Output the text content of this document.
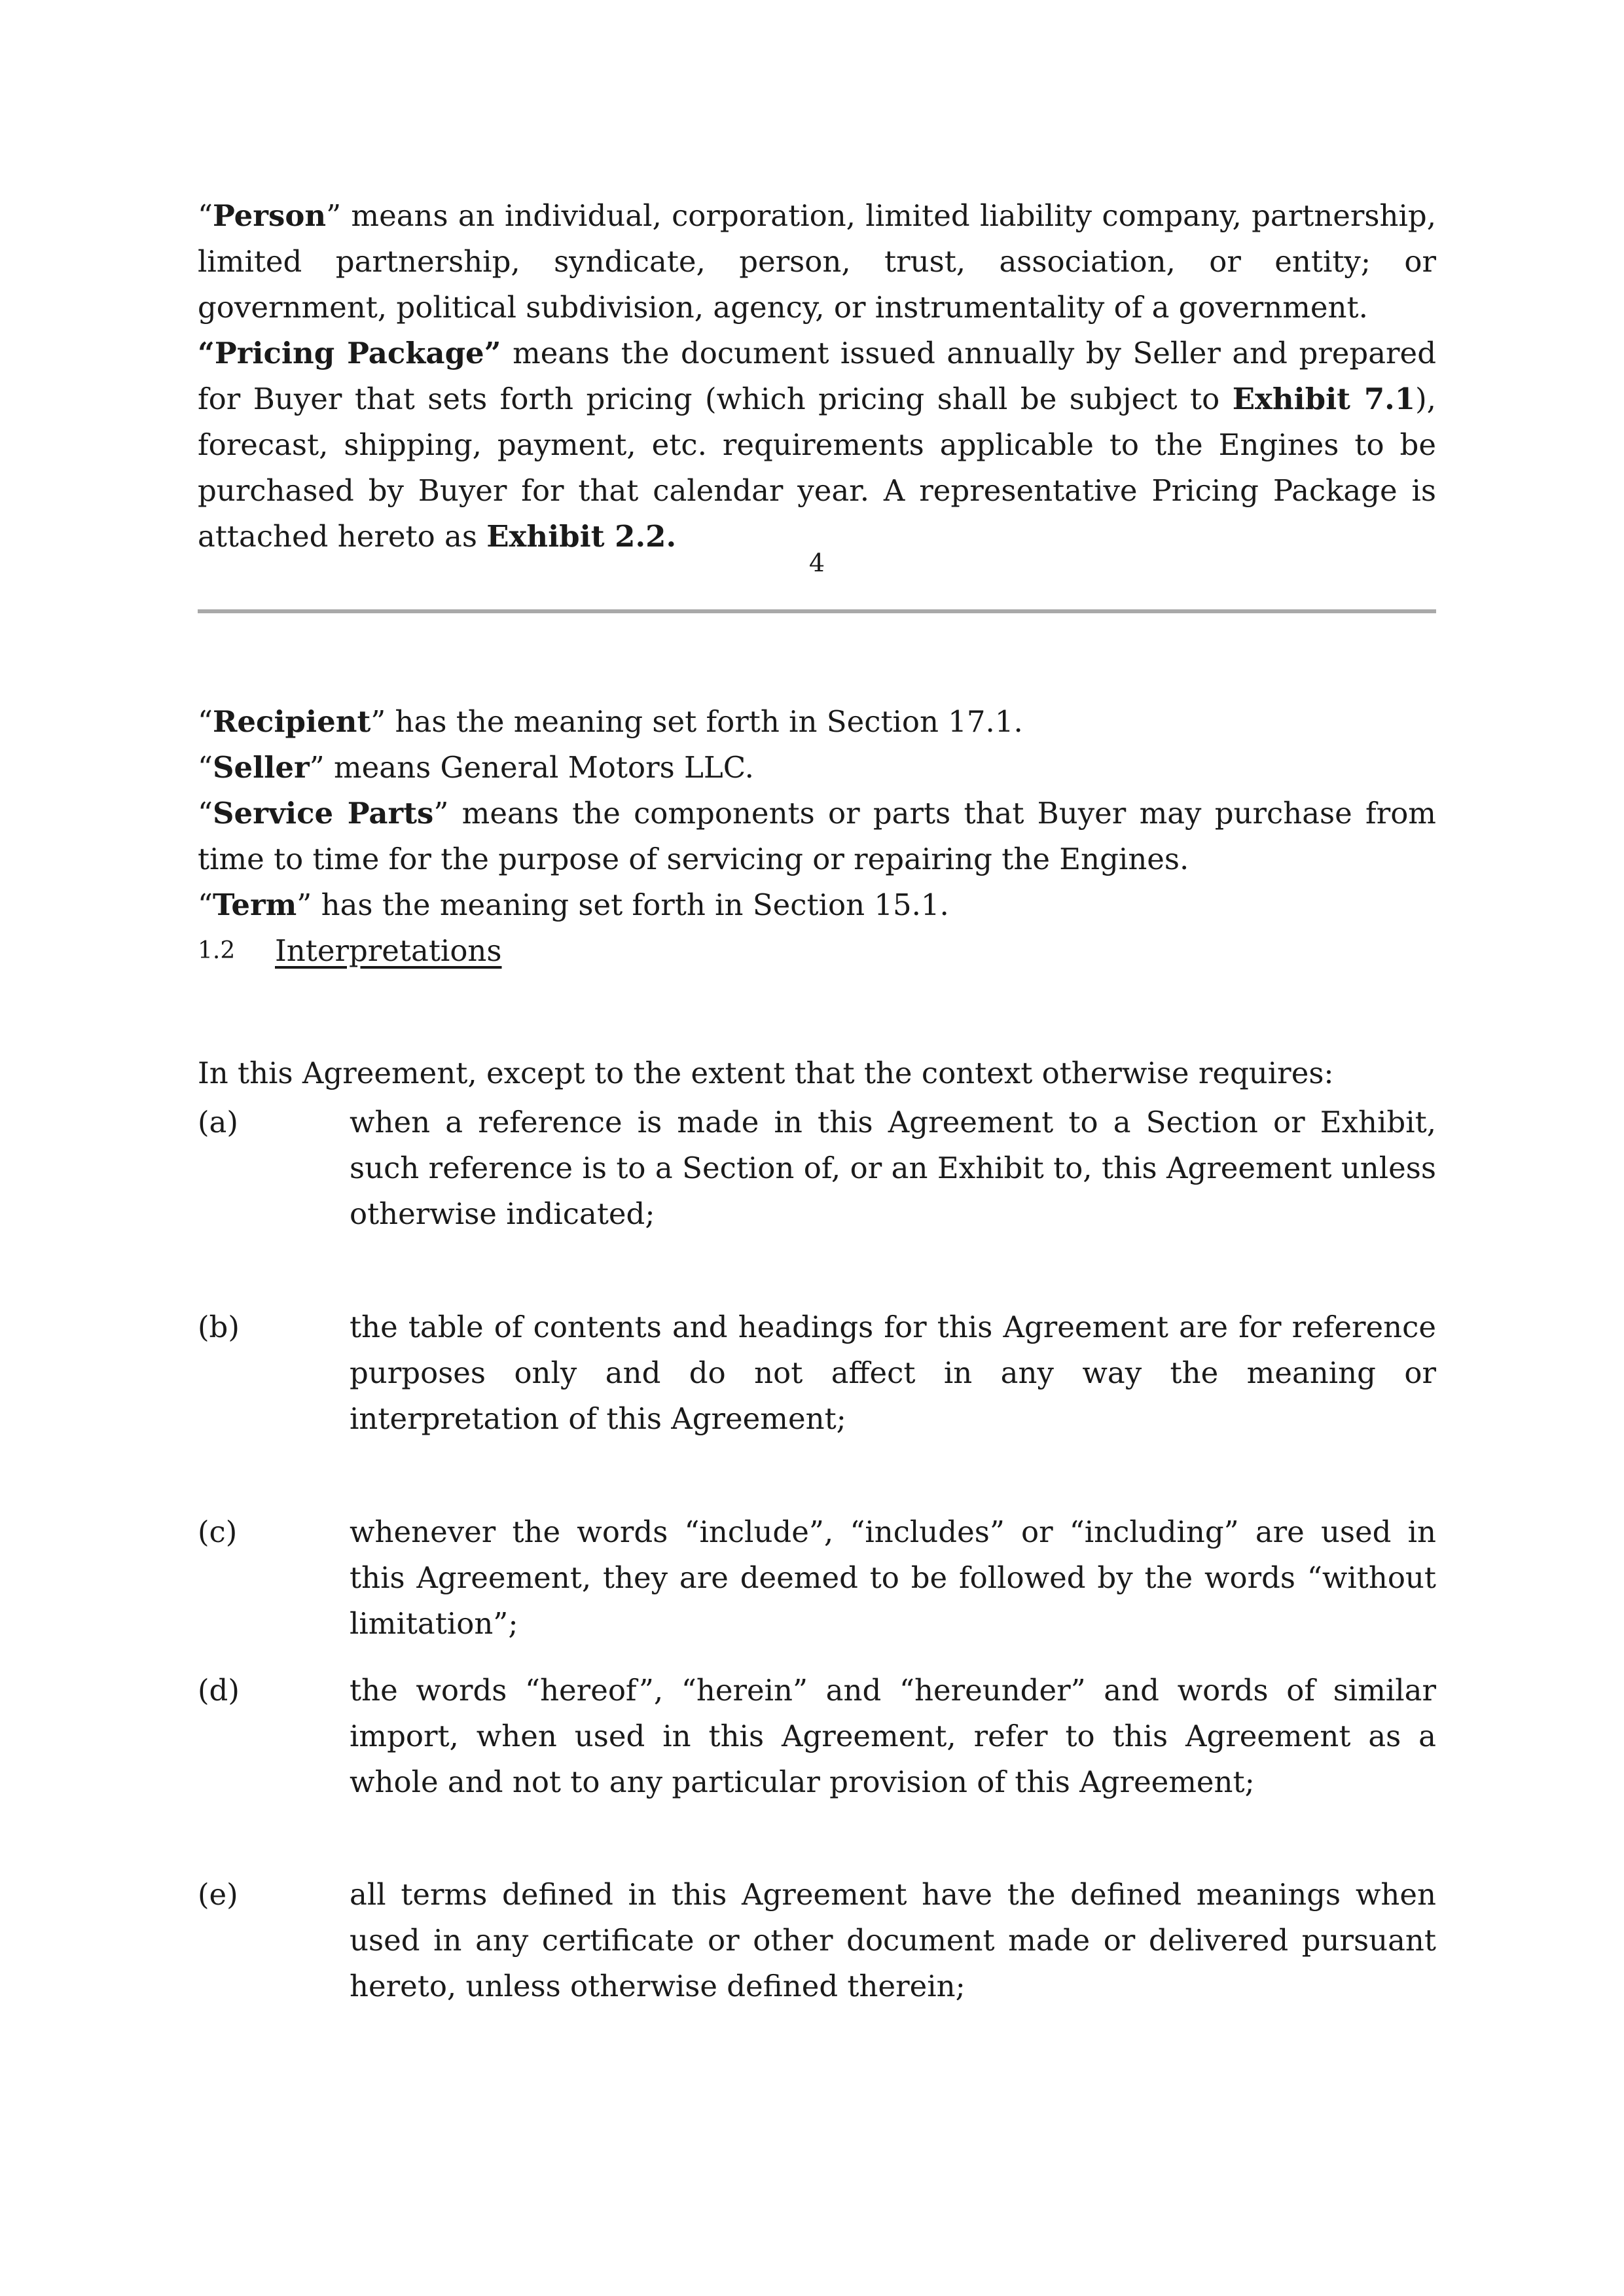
“Person” means an individual, corporation, limited liability company, partnership, limited partnership, syndicate, person, trust, association, or entity; or government, political subdivision, agency, or instrumentality of a government.

“Pricing Package” means the document issued annually by Seller and prepared for Buyer that sets forth pricing (which pricing shall be subject to Exhibit 7.1), forecast, shipping, payment, etc. requirements applicable to the Engines to be purchased by Buyer for that calendar year. A representative Pricing Package is attached hereto as Exhibit 2.2.

4

“Recipient” has the meaning set forth in Section 17.1.

“Seller” means General Motors LLC.

“Service Parts” means the components or parts that Buyer may purchase from time to time for the purpose of servicing or repairing the Engines.

“Term” has the meaning set forth in Section 15.1.

1.2 Interpretations

In this Agreement, except to the extent that the context otherwise requires:

(a)	when a reference is made in this Agreement to a Section or Exhibit, such reference is to a Section of, or an Exhibit to, this Agreement unless otherwise indicated;

(b)	the table of contents and headings for this Agreement are for reference purposes only and do not affect in any way the meaning or interpretation of this Agreement;

(c)	whenever the words “include”, “includes” or “including” are used in this Agreement, they are deemed to be followed by the words “without limitation”;

(d)	the words “hereof”, “herein” and “hereunder” and words of similar import, when used in this Agreement, refer to this Agreement as a whole and not to any particular provision of this Agreement;

(e)	all terms defined in this Agreement have the defined meanings when used in any certificate or other document made or delivered pursuant hereto, unless otherwise defined therein;
